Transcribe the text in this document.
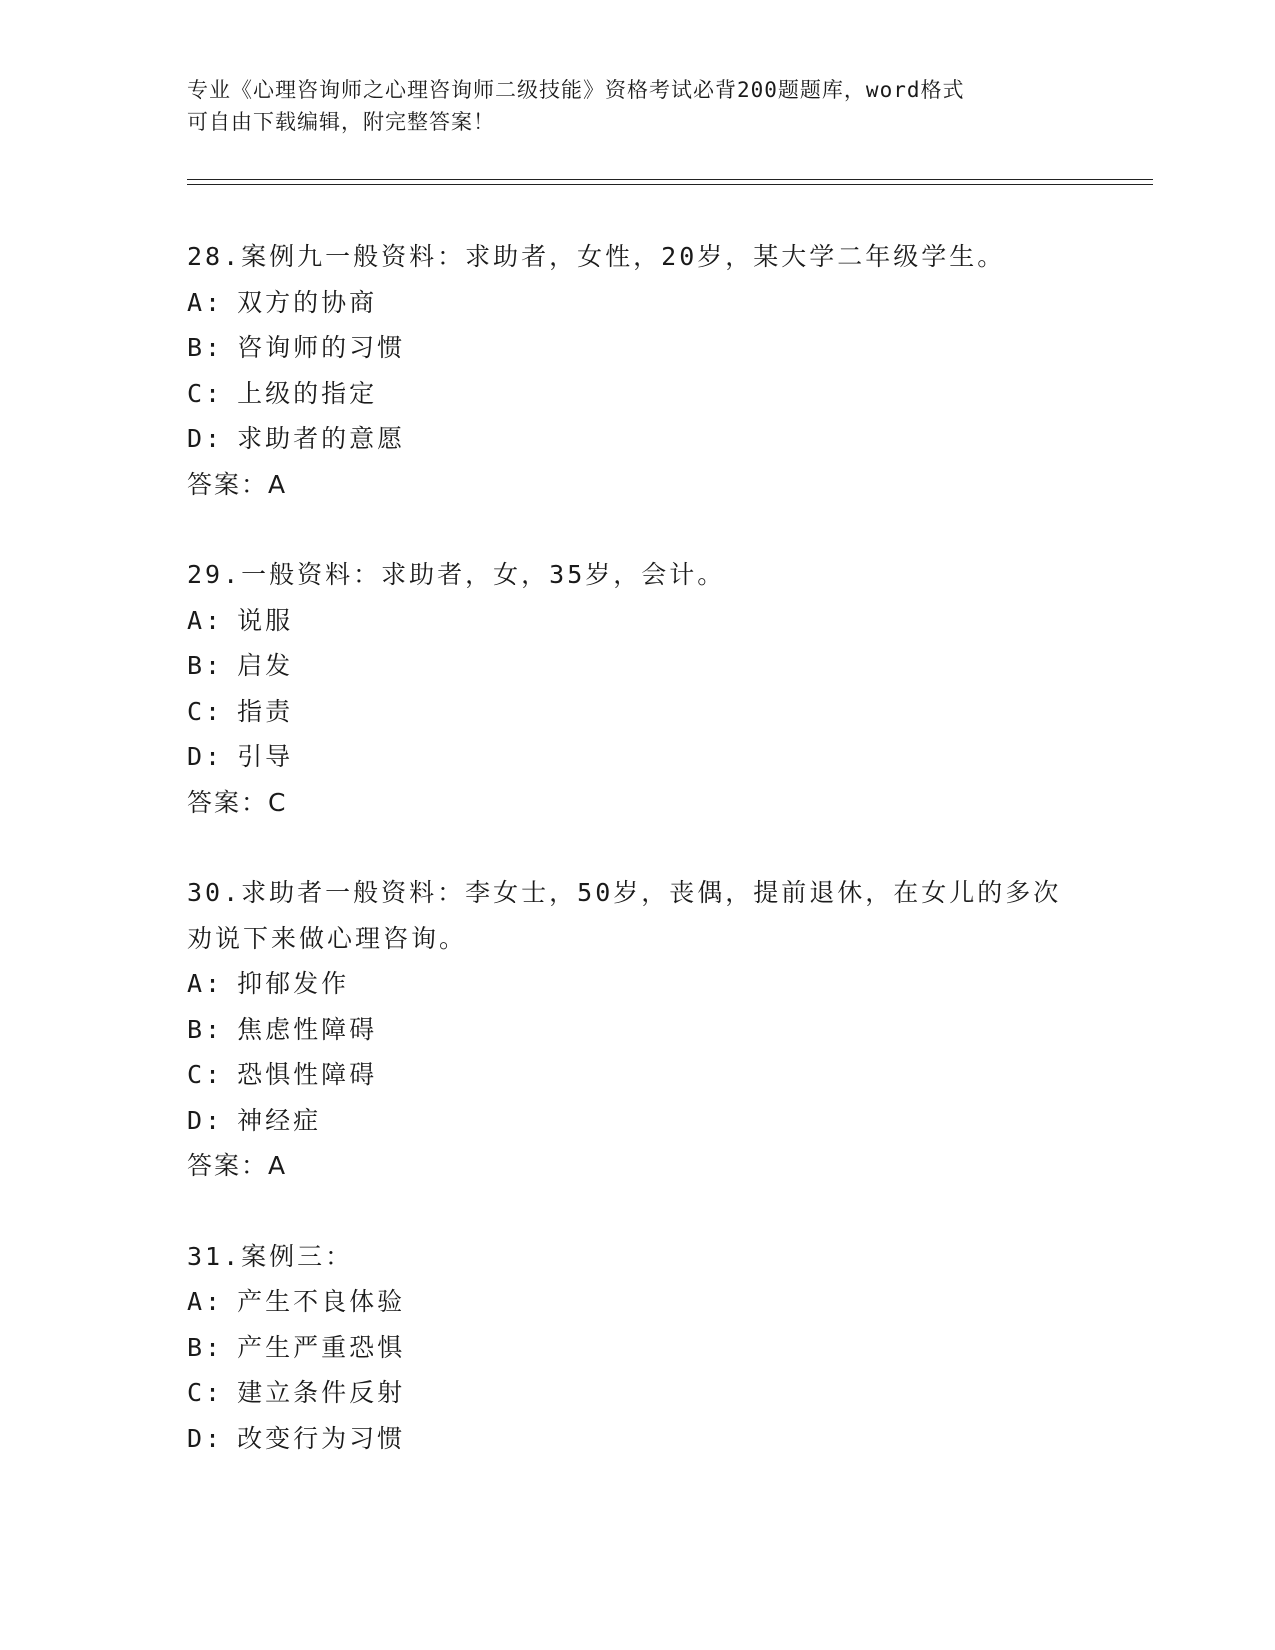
专业《心理咨询师之心理咨询师二级技能》资格考试必背200题题库，word格式
可自由下载编辑，附完整答案！
28.案例九一般资料：求助者，女性，20岁，某大学二年级学生。
A: 双方的协商
B: 咨询师的习惯
C: 上级的指定
D: 求助者的意愿
答案：A
29.一般资料：求助者，女，35岁，会计。
A: 说服
B: 启发
C: 指责
D: 引导
答案：C
30.求助者一般资料：李女士，50岁，丧偶，提前退休，在女儿的多次劝说下来做心理咨询。
A: 抑郁发作
B: 焦虑性障碍
C: 恐惧性障碍
D: 神经症
答案：A
31.案例三：
A: 产生不良体验
B: 产生严重恐惧
C: 建立条件反射
D: 改变行为习惯
